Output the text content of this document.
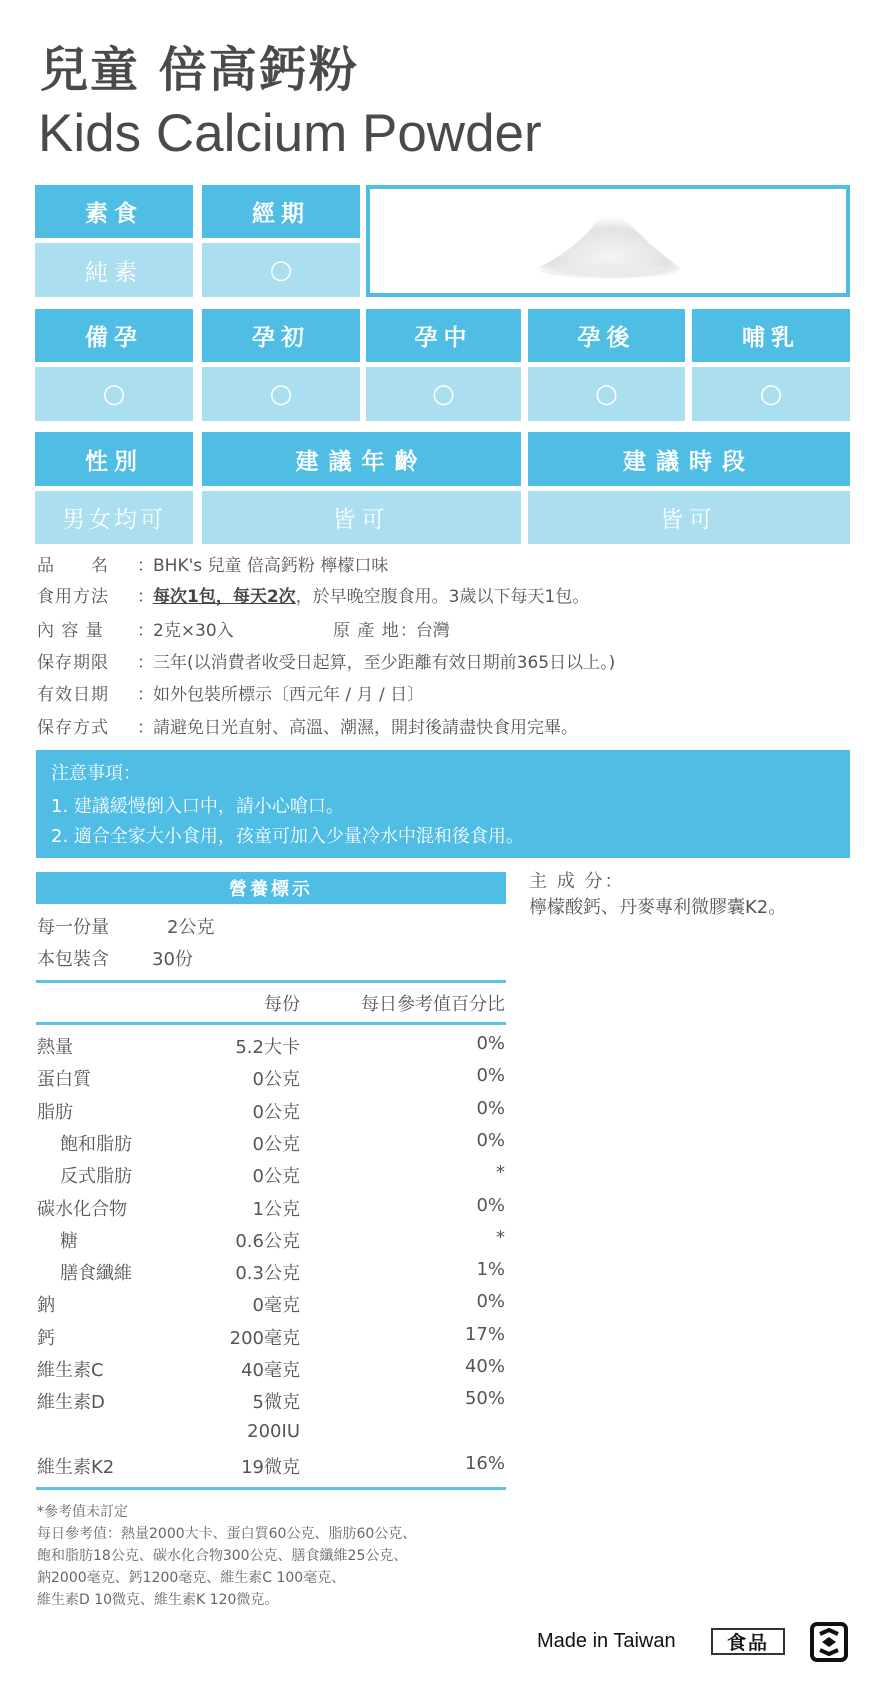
兒童 倍高鈣粉
Kids Calcium Powder
素食	經期
純素	○
備孕	孕初	孕中	孕後	哺乳
○	○	○	○	○
性別	建議年齡	建議時段
男女均可	皆可	皆可
品　　名 ：BHK's 兒童 倍高鈣粉 檸檬口味
食用方法 ：每次1包，每天2次，於早晚空腹食用。3歲以下每天1包。
內 容 量 ：2克×30入	原 產 地：台灣
保存期限 ：三年(以消費者收受日起算，至少距離有效日期前365日以上。)
有效日期 ：如外包裝所標示〔西元年 / 月 / 日〕
保存方式 ：請避免日光直射、高溫、潮濕，開封後請盡快食用完畢。
注意事項：
1. 建議緩慢倒入口中，請小心嗆口。
2. 適合全家大小食用，孩童可加入少量冷水中混和後食用。
營養標示
每一份量	2公克
本包裝含 30份
每份	每日參考值百分比
熱量	5.2大卡	0%
蛋白質	0公克	0%
脂肪	0公克	0%
飽和脂肪	0公克	0%
反式脂肪	0公克	*
碳水化合物	1公克	0%
糖	0.6公克	*
膳食纖維	0.3公克	1%
鈉	0毫克	0%
鈣	200毫克	17%
維生素C	40毫克	40%
維生素D	5微克	50%
200IU
維生素K2	19微克	16%
*參考值未訂定
每日參考值：熱量2000大卡、蛋白質60公克、脂肪60公克、
飽和脂肪18公克、碳水化合物300公克、膳食纖維25公克、
鈉2000毫克、鈣1200毫克、維生素C 100毫克、
維生素D 10微克、維生素K 120微克。
主 成 分：
檸檬酸鈣、丹麥專利微膠囊K2。
Made in Taiwan	食品
